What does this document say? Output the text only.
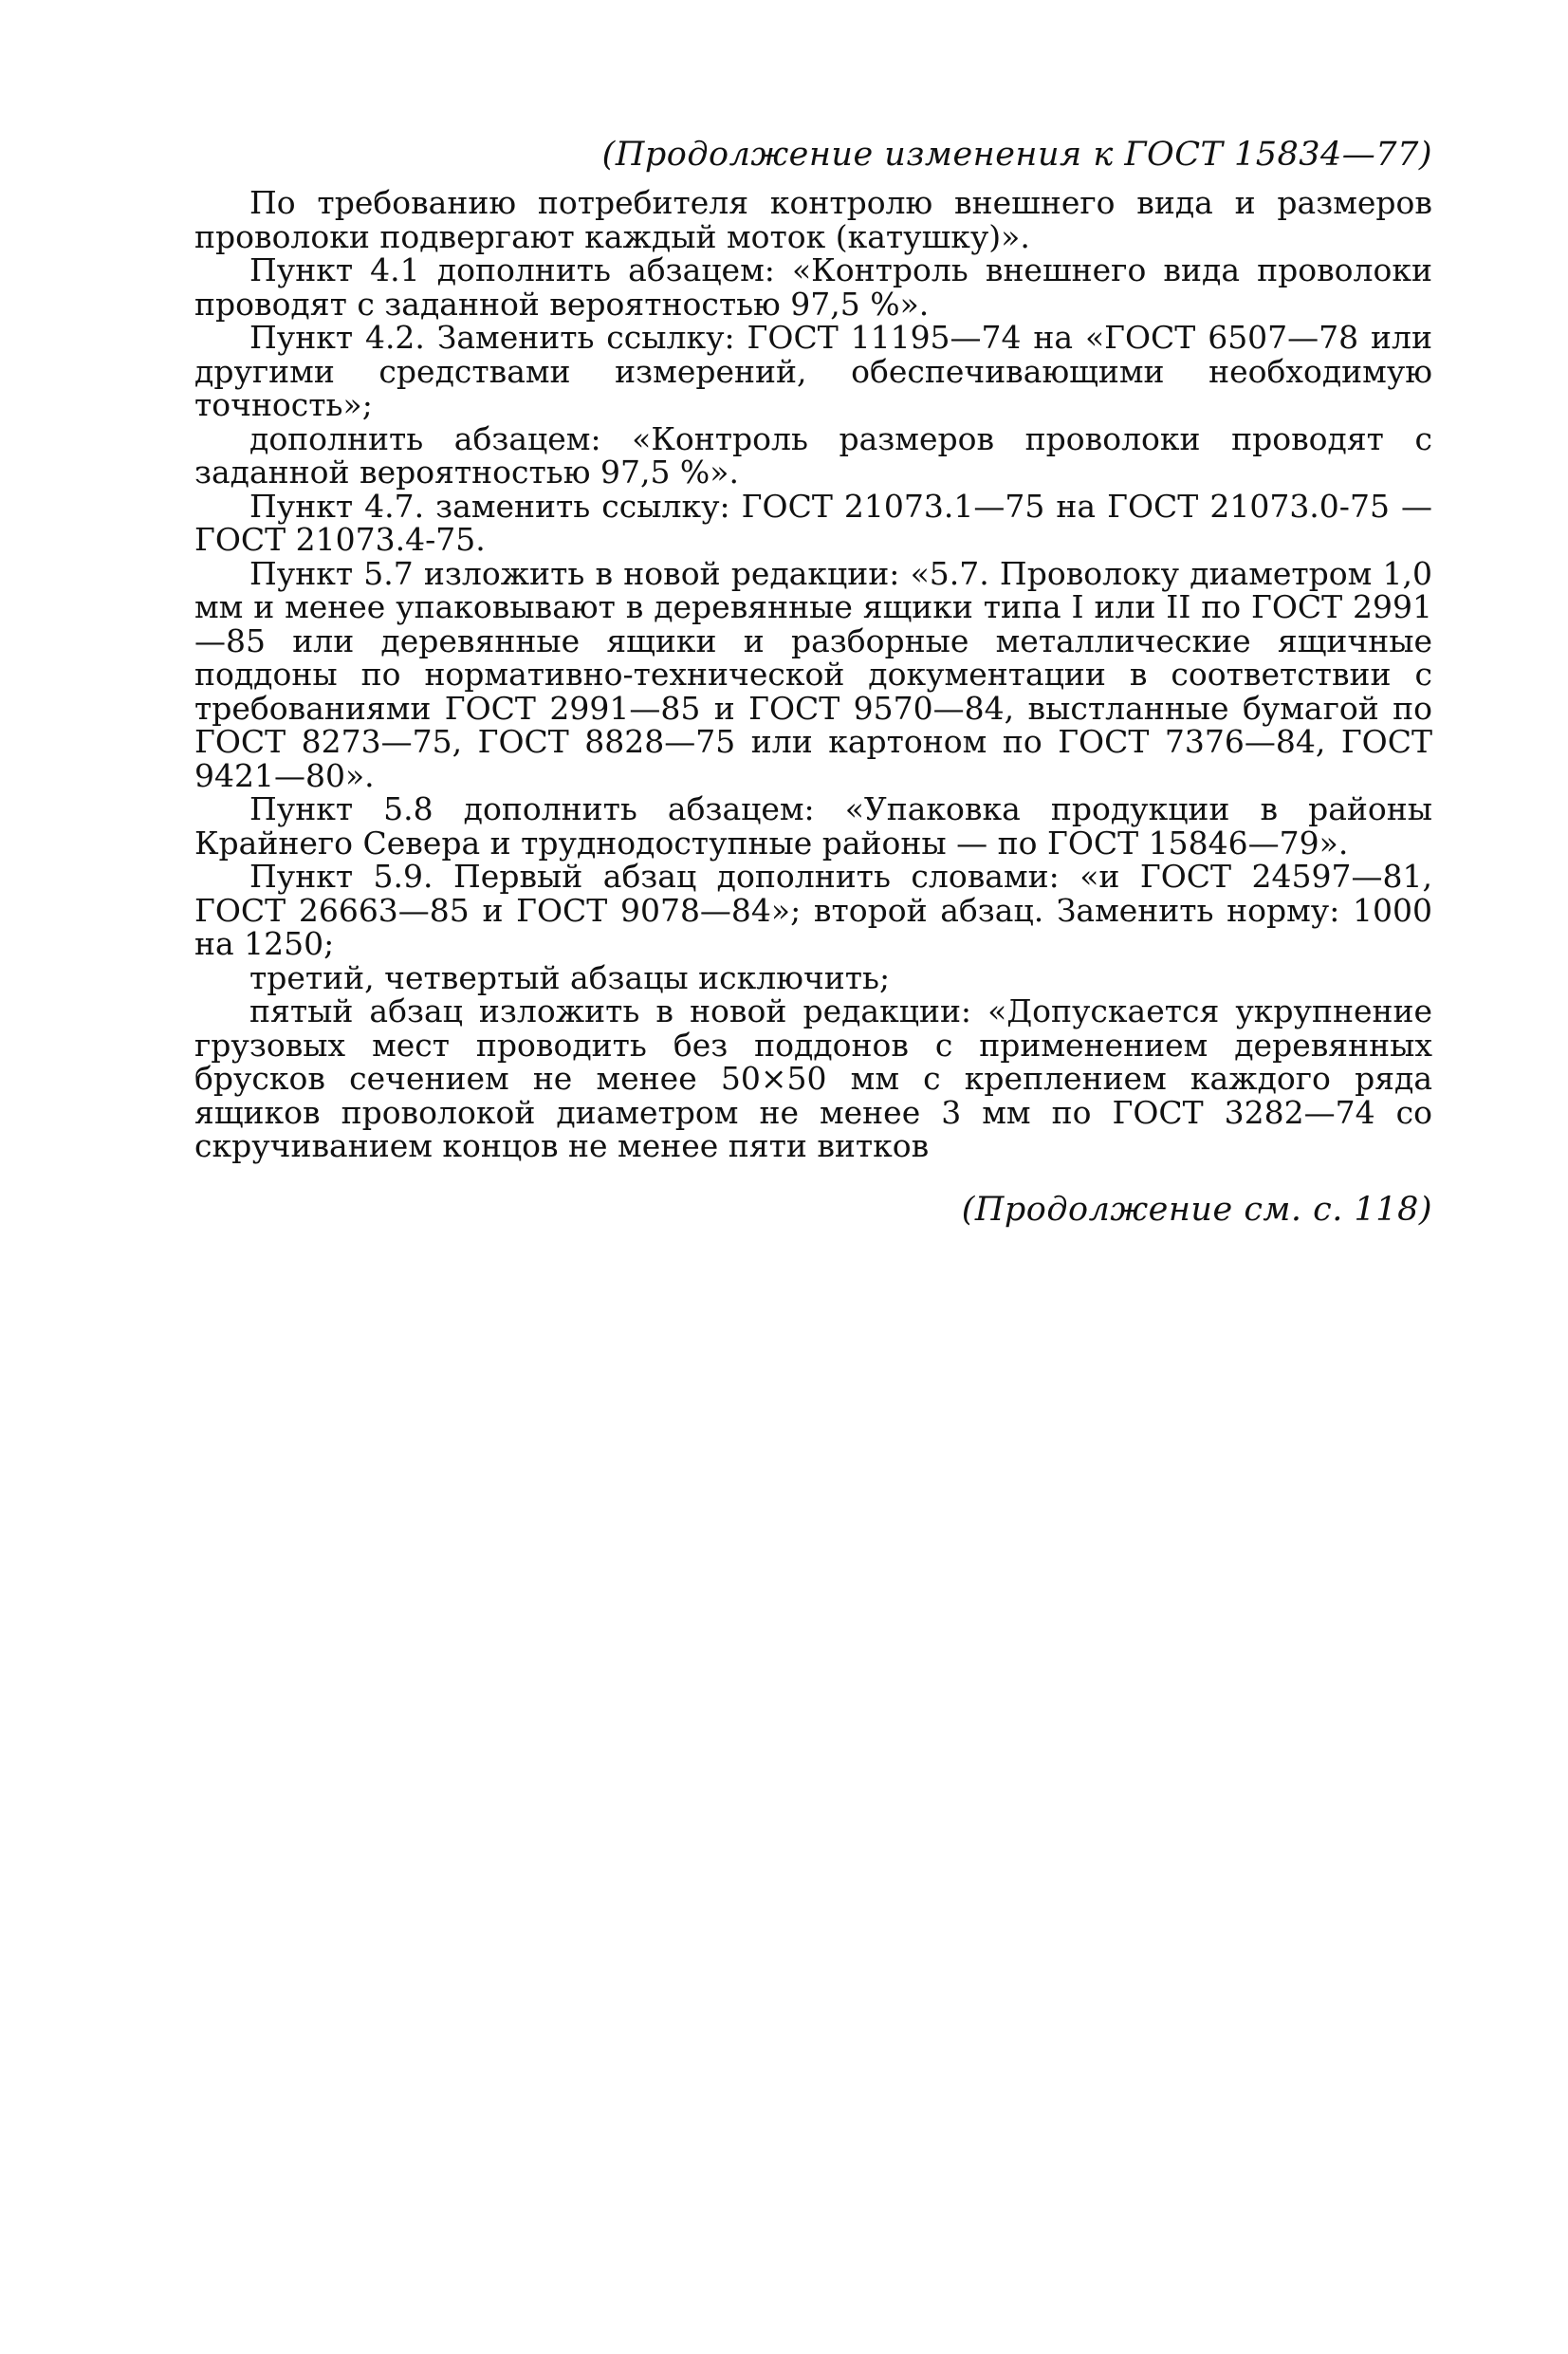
(Продолжение изменения к ГОСТ 15834—77)

По требованию потребителя контролю внешнего вида и размеров проволоки подвергают каждый моток (катушку)».

Пункт 4.1 дополнить абзацем: «Контроль внешнего вида проволоки проводят с заданной вероятностью 97,5 %».

Пункт 4.2. Заменить ссылку: ГОСТ 11195—74 на «ГОСТ 6507—78 или другими средствами измерений, обеспечивающими необходимую точность»;

дополнить абзацем: «Контроль размеров проволоки проводят с заданной вероятностью 97,5 %».

Пункт 4.7. заменить ссылку: ГОСТ 21073.1—75 на ГОСТ 21073.0-75 — ГОСТ 21073.4-75.

Пункт 5.7 изложить в новой редакции: «5.7. Проволоку диаметром 1,0 мм и менее упаковывают в деревянные ящики типа I или II по ГОСТ 2991—85 или деревянные ящики и разборные металлические ящичные поддоны по нормативно-технической документации в соответствии с требованиями ГОСТ 2991—85 и ГОСТ 9570—84, выстланные бумагой по ГОСТ 8273—75, ГОСТ 8828—75 или картоном по ГОСТ 7376—84, ГОСТ 9421—80».

Пункт 5.8 дополнить абзацем: «Упаковка продукции в районы Крайнего Севера и труднодоступные районы — по ГОСТ 15846—79».

Пункт 5.9. Первый абзац дополнить словами: «и ГОСТ 24597—81, ГОСТ 26663—85 и ГОСТ 9078—84»; второй абзац. Заменить норму: 1000 на 1250;

третий, четвертый абзацы исключить;

пятый абзац изложить в новой редакции: «Допускается укрупнение грузовых мест проводить без поддонов с применением деревянных брусков сечением не менее 50×50 мм с креплением каждого ряда ящиков проволокой диаметром не менее 3 мм по ГОСТ 3282—74 со скручиванием концов не менее пяти витков

(Продолжение см. с. 118)
